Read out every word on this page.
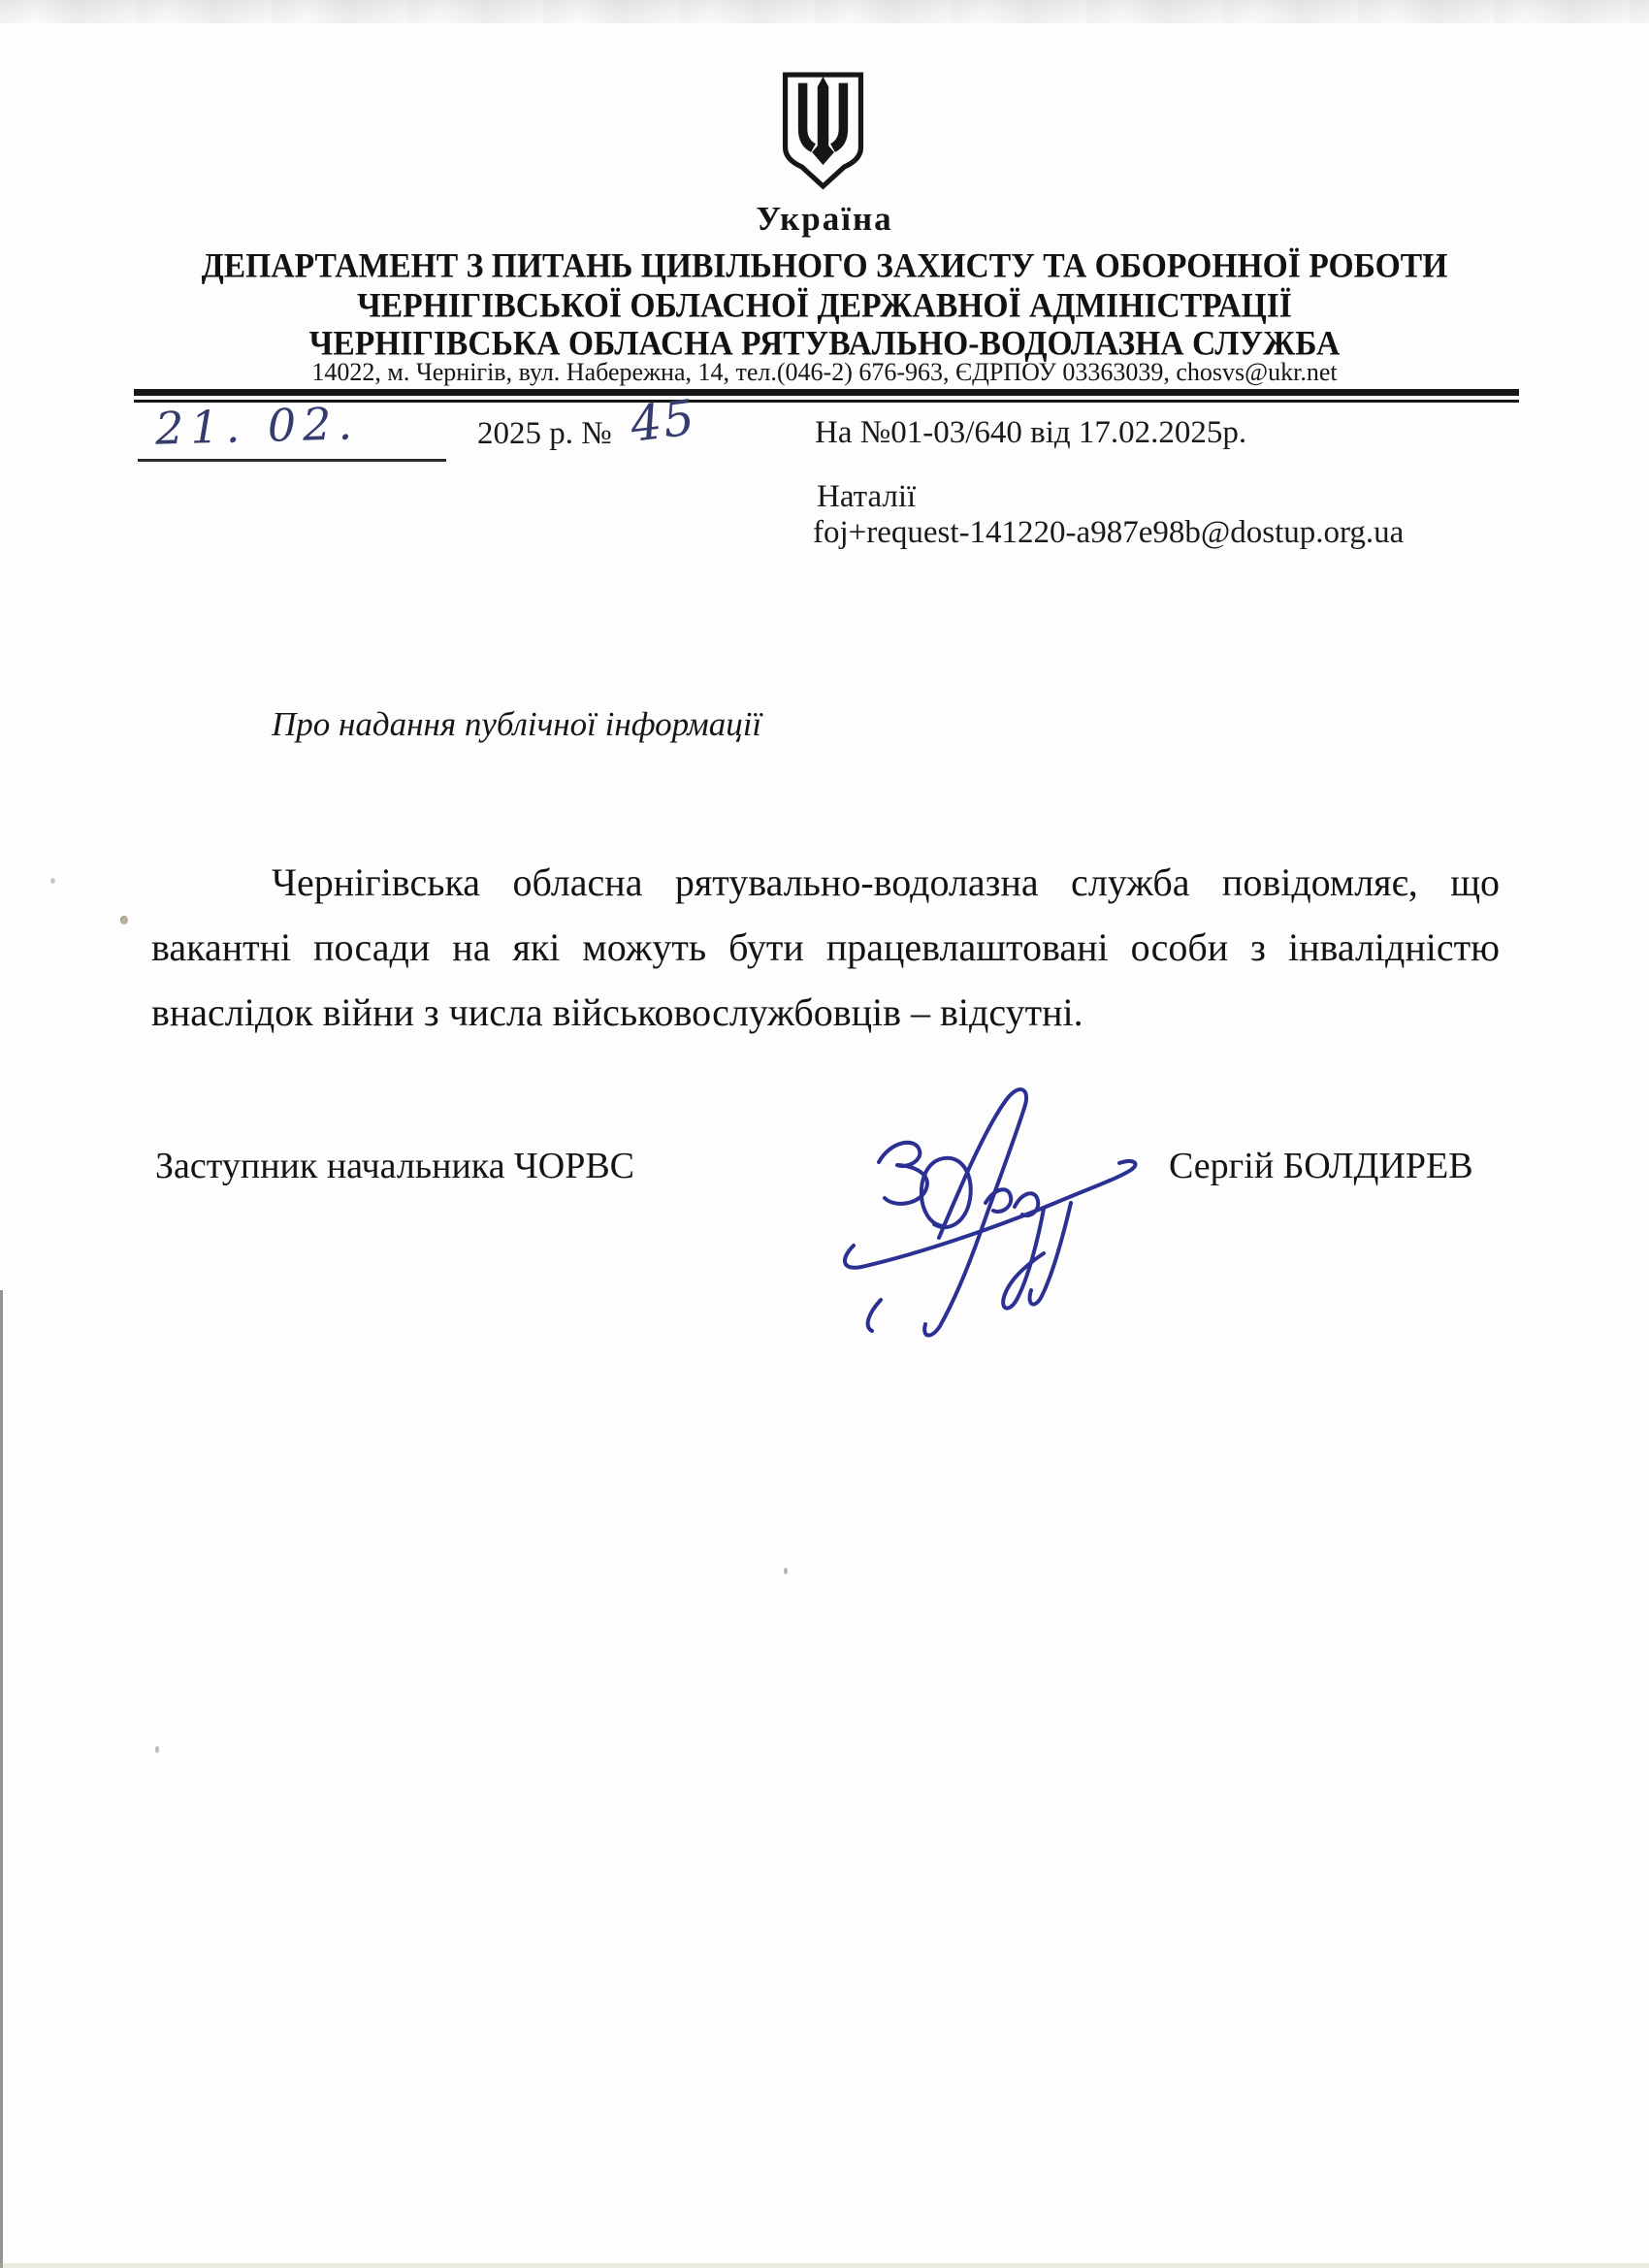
Україна
ДЕПАРТАМЕНТ З ПИТАНЬ ЦИВІЛЬНОГО ЗАХИСТУ ТА ОБОРОННОЇ РОБОТИ
ЧЕРНІГІВСЬКОЇ ОБЛАСНОЇ ДЕРЖАВНОЇ АДМІНІСТРАЦІЇ
ЧЕРНІГІВСЬКА ОБЛАСНА РЯТУВАЛЬНО-ВОДОЛАЗНА СЛУЖБА
14022, м. Чернігів, вул. Набережна, 14, тел.(046-2) 676-963, ЄДРПОУ 03363039, chosvs@ukr.net
21. 02.	2025 р. № 45	На №01-03/640 від 17.02.2025р.
Наталії
foj+request-141220-a987e98b@dostup.org.ua
Про надання публічної інформації
Чернігівська обласна рятувально-водолазна служба повідомляє, що
вакантні посади на які можуть бути працевлаштовані особи з інвалідністю
внаслідок війни з числа військовослужбовців – відсутні.
Заступник начальника ЧОРВС	Сергій БОЛДИРЕВ
